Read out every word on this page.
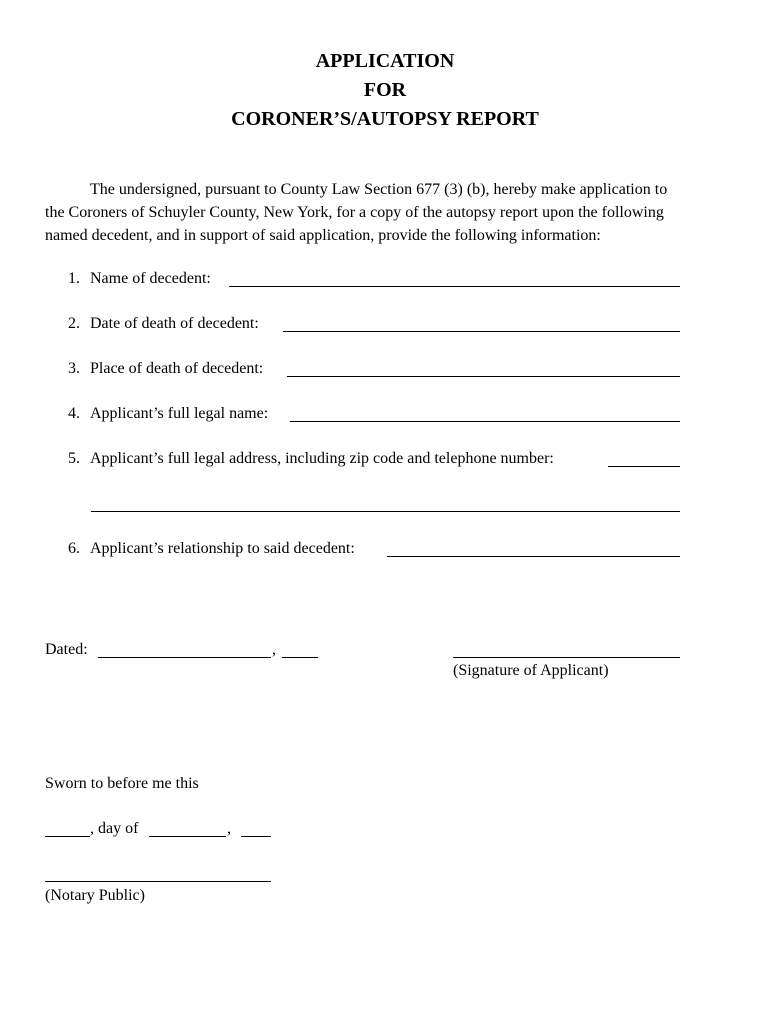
APPLICATION
FOR
CORONER’S/AUTOPSY REPORT
The undersigned, pursuant to County Law Section 677 (3) (b), hereby make application to
the Coroners of Schuyler County, New York, for a copy of the autopsy report upon the following
named decedent, and in support of said application, provide the following information:
1. Name of decedent:
2. Date of death of decedent:
3. Place of death of decedent:
4. Applicant’s full legal name:
5. Applicant’s full legal address, including zip code and telephone number:
6. Applicant’s relationship to said decedent:
Dated:	,
(Signature of Applicant)
Sworn to before me this
, day of	,
(Notary Public)
